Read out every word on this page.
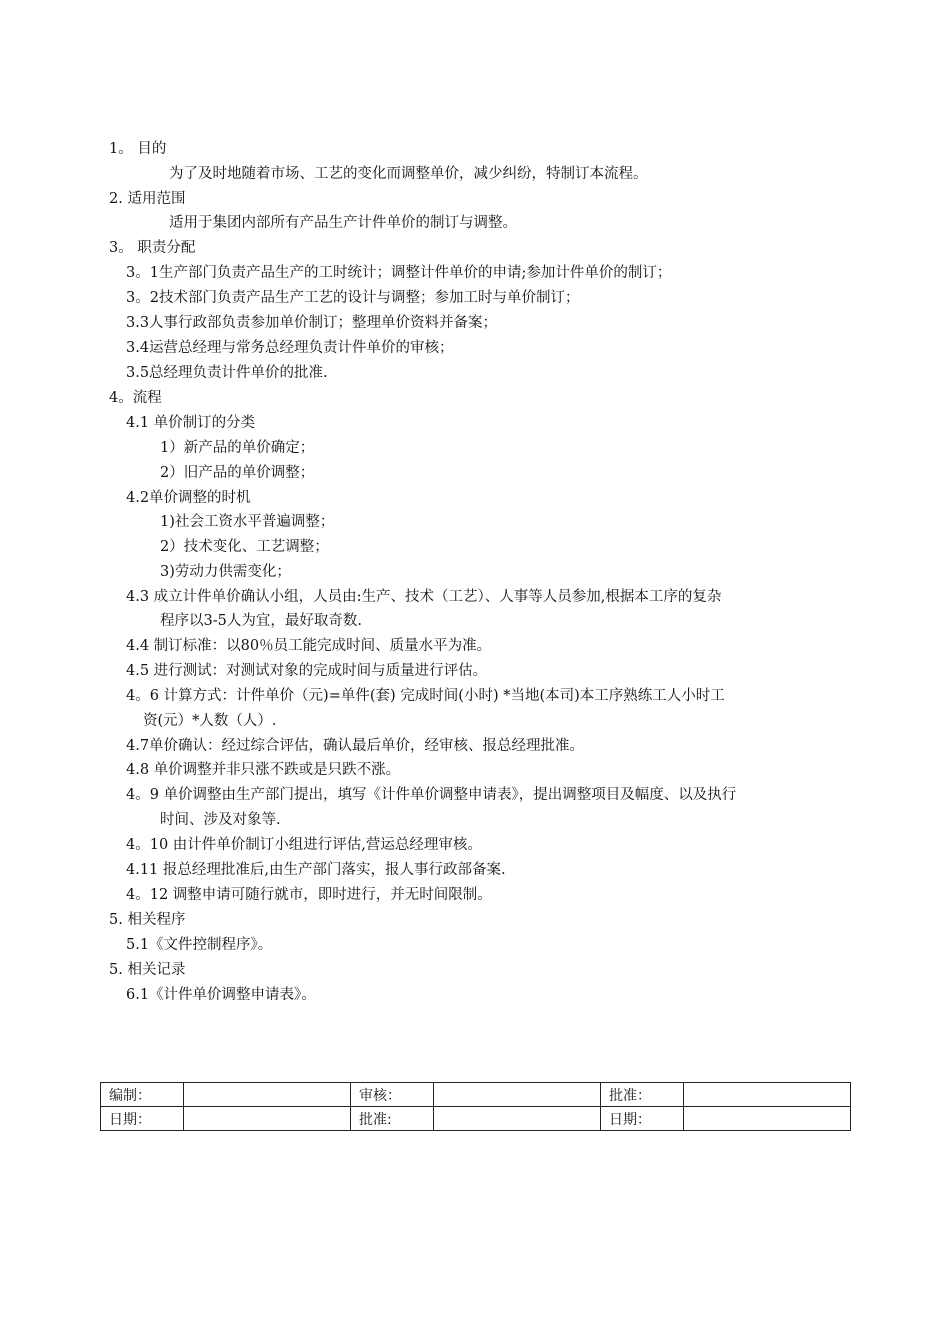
1。 目的
为了及时地随着市场、工艺的变化而调整单价，减少纠纷，特制订本流程。
2. 适用范围
适用于集团内部所有产品生产计件单价的制订与调整。
3。 职责分配
3。1生产部门负责产品生产的工时统计；调整计件单价的申请;参加计件单价的制订；
3。2技术部门负责产品生产工艺的设计与调整；参加工时与单价制订；
3.3人事行政部负责参加单价制订；整理单价资料并备案；
3.4运营总经理与常务总经理负责计件单价的审核；
3.5总经理负责计件单价的批准.
4。流程
4.1 单价制订的分类
1）新产品的单价确定；
2）旧产品的单价调整；
4.2单价调整的时机
1)社会工资水平普遍调整；
2）技术变化、工艺调整；
3)劳动力供需变化；
4.3 成立计件单价确认小组，人员由:生产、技术（工艺）、人事等人员参加,根据本工序的复杂
程序以3-5人为宜，最好取奇数.
4.4 制订标准：以80％员工能完成时间、质量水平为准。
4.5 进行测试：对测试对象的完成时间与质量进行评估。
4。6 计算方式：计件单价（元)=单件(套) 完成时间(小时) *当地(本司)本工序熟练工人小时工
资(元）*人数（人）.
4.7单价确认：经过综合评估，确认最后单价，经审核、报总经理批准。
4.8 单价调整并非只涨不跌或是只跌不涨。
4。9 单价调整由生产部门提出，填写《计件单价调整申请表》，提出调整项目及幅度、以及执行
时间、涉及对象等.
4。10 由计件单价制订小组进行评估,营运总经理审核。
4.11 报总经理批准后,由生产部门落实，报人事行政部备案.
4。12 调整申请可随行就市，即时进行，并无时间限制。
5. 相关程序
5.1《文件控制程序》。
5. 相关记录
6.1《计件单价调整申请表》。
编制：		审核：		批准：	
日期：		批准:		日期：	
